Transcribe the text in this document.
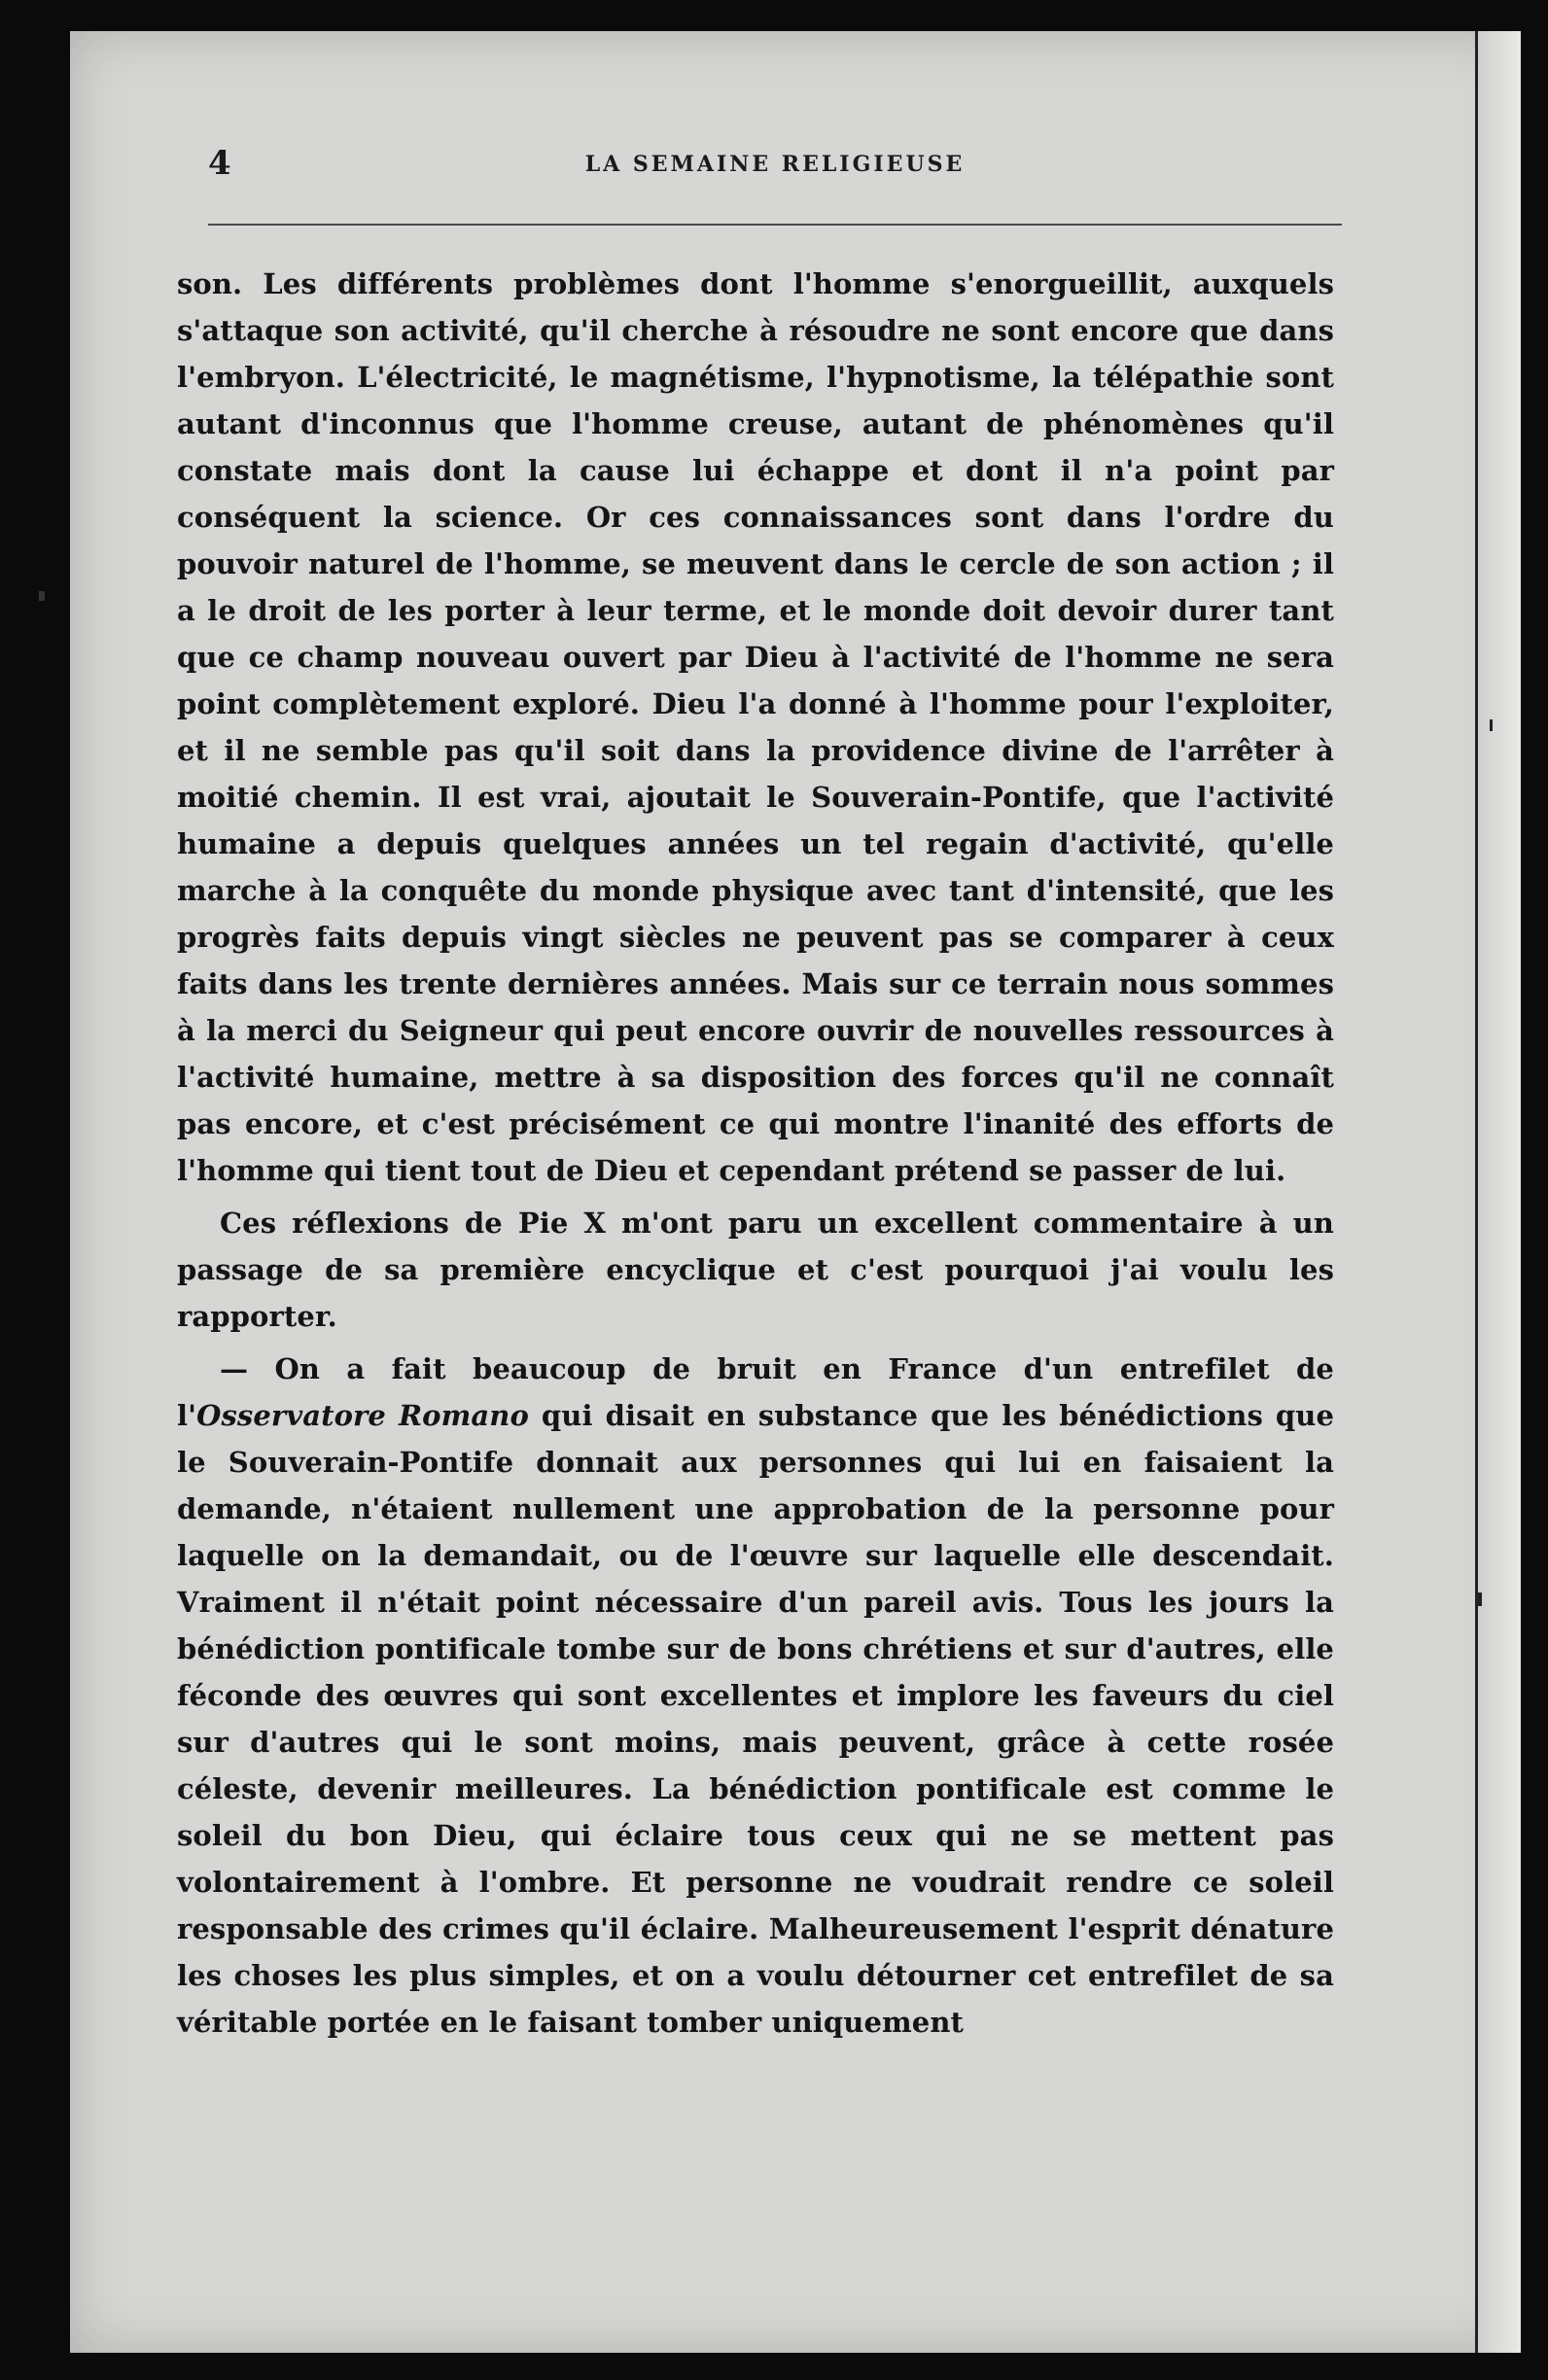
4	LA SEMAINE RELIGIEUSE

son. Les différents problèmes dont l'homme s'enorgueillit, auxquels s'attaque son activité, qu'il cherche à résoudre ne sont encore que dans l'embryon. L'électricité, le magnétisme, l'hypnotisme, la télépathie sont autant d'inconnus que l'homme creuse, autant de phénomènes qu'il constate mais dont la cause lui échappe et dont il n'a point par conséquent la science. Or ces connaissances sont dans l'ordre du pouvoir naturel de l'homme, se meuvent dans le cercle de son action ; il a le droit de les porter à leur terme, et le monde doit devoir durer tant que ce champ nouveau ouvert par Dieu à l'activité de l'homme ne sera point complètement exploré. Dieu l'a donné à l'homme pour l'exploiter, et il ne semble pas qu'il soit dans la providence divine de l'arrêter à moitié chemin. Il est vrai, ajoutait le Souverain-Pontife, que l'activité humaine a depuis quelques années un tel regain d'activité, qu'elle marche à la conquête du monde physique avec tant d'intensité, que les progrès faits depuis vingt siècles ne peuvent pas se comparer à ceux faits dans les trente dernières années. Mais sur ce terrain nous sommes à la merci du Seigneur qui peut encore ouvrir de nouvelles ressources à l'activité humaine, mettre à sa disposition des forces qu'il ne connaît pas encore, et c'est précisément ce qui montre l'inanité des efforts de l'homme qui tient tout de Dieu et cependant prétend se passer de lui.

Ces réflexions de Pie X m'ont paru un excellent commentaire à un passage de sa première encyclique et c'est pourquoi j'ai voulu les rapporter.

— On a fait beaucoup de bruit en France d'un entrefilet de l'Osservatore Romano qui disait en substance que les bénédictions que le Souverain-Pontife donnait aux personnes qui lui en faisaient la demande, n'étaient nullement une approbation de la personne pour laquelle on la demandait, ou de l'œuvre sur laquelle elle descendait. Vraiment il n'était point nécessaire d'un pareil avis. Tous les jours la bénédiction pontificale tombe sur de bons chrétiens et sur d'autres, elle féconde des œuvres qui sont excellentes et implore les faveurs du ciel sur d'autres qui le sont moins, mais peuvent, grâce à cette rosée céleste, devenir meilleures. La bénédiction pontificale est comme le soleil du bon Dieu, qui éclaire tous ceux qui ne se mettent pas volontairement à l'ombre. Et personne ne voudrait rendre ce soleil responsable des crimes qu'il éclaire. Malheureusement l'esprit dénature les choses les plus simples, et on a voulu détourner cet entrefilet de sa véritable portée en le faisant tomber uniquement
